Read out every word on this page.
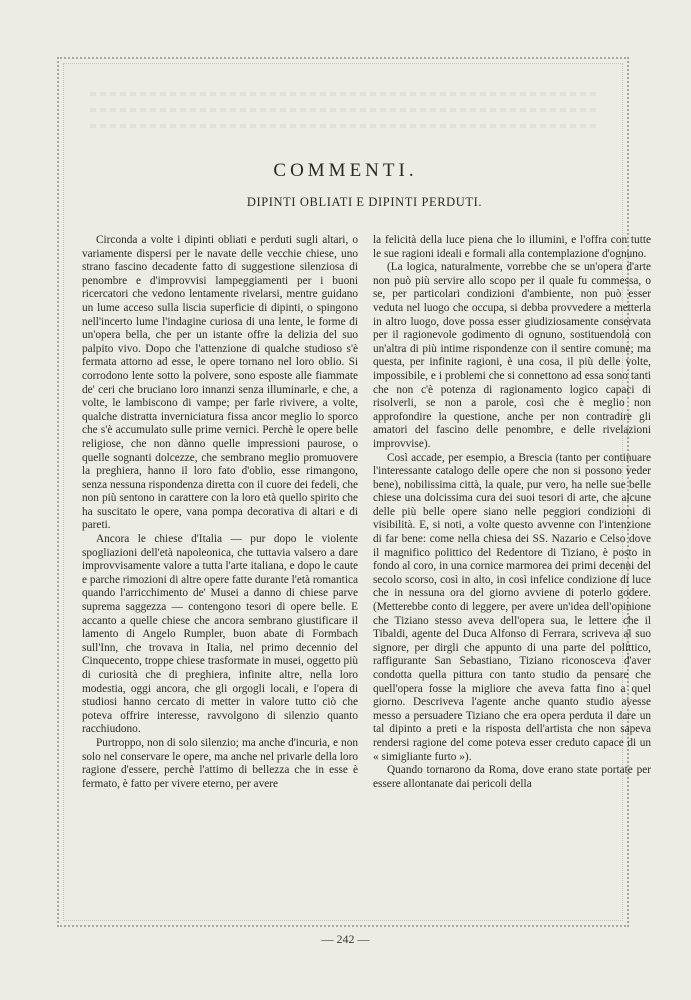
COMMENTI.
DIPINTI OBLIATI E DIPINTI PERDUTI.

Circonda a volte i dipinti obliati e perduti sugli altari, o variamente dispersi per le navate delle vecchie chiese, uno strano fascino decadente fatto di suggestione silenziosa di penombre e d'improvvisi lampeggiamenti per i buoni ricercatori che vedono lentamente rivelarsi, mentre guidano un lume acceso sulla liscia superficie di dipinti, o spingono nell'incerto lume l'indagine curiosa di una lente, le forme di un'opera bella, che per un istante offre la delizia del suo palpito vivo. Dopo che l'attenzione di qualche studioso s'è fermata attorno ad esse, le opere tornano nel loro oblio. Si corrodono lente sotto la polvere, sono esposte alle fiammate de' ceri che bruciano loro innanzi senza illuminarle, e che, a volte, le lambiscono di vampe; per farle rivivere, a volte, qualche distratta inverniciatura fissa ancor meglio lo sporco che s'è accumulato sulle prime vernici. Perchè le opere belle religiose, che non dànno quelle impressioni paurose, o quelle sognanti dolcezze, che sembrano meglio promuovere la preghiera, hanno il loro fato d'oblio, esse rimangono, senza nessuna rispondenza diretta con il cuore dei fedeli, che non più sentono in carattere con la loro età quello spirito che ha suscitato le opere, vana pompa decorativa di altari e di pareti.

Ancora le chiese d'Italia — pur dopo le violente spogliazioni dell'età napoleonica, che tuttavia valsero a dare improvvisamente valore a tutta l'arte italiana, e dopo le caute e parche rimozioni di altre opere fatte durante l'età romantica quando l'arricchimento de' Musei a danno di chiese parve suprema saggezza — contengono tesori di opere belle. E accanto a quelle chiese che ancora sembrano giustificare il lamento di Angelo Rumpler, buon abate di Formbach sull'Inn, che trovava in Italia, nel primo decennio del Cinquecento, troppe chiese trasformate in musei, oggetto più di curiosità che di preghiera, infinite altre, nella loro modestia, oggi ancora, che gli orgogli locali, e l'opera di studiosi hanno cercato di metter in valore tutto ciò che poteva offrire interesse, ravvolgono di silenzio quanto racchiudono.

Purtroppo, non di solo silenzio; ma anche d'incuria, e non solo nel conservare le opere, ma anche nel privarle della loro ragione d'essere, perchè l'attimo di bellezza che in esse è fermato, è fatto per vivere eterno, per avere

la felicità della luce piena che lo illumini, e l'offra con tutte le sue ragioni ideali e formali alla contemplazione d'ognuno.

(La logica, naturalmente, vorrebbe che se un'opera d'arte non può più servire allo scopo per il quale fu commessa, o se, per particolari condizioni d'ambiente, non può esser veduta nel luogo che occupa, si debba provvedere a metterla in altro luogo, dove possa esser giudiziosamente conservata per il ragionevole godimento di ognuno, sostituendola con un'altra di più intime rispondenze con il sentire comune; ma questa, per infinite ragioni, è una cosa, il più delle volte, impossibile, e i problemi che si connettono ad essa sono tanti che non c'è potenza di ragionamento logico capaci di risolverli, se non a parole, così che è meglio non approfondire la questione, anche per non contradire gli amatori del fascino delle penombre, e delle rivelazioni improvvise).

Così accade, per esempio, a Brescia (tanto per continuare l'interessante catalogo delle opere che non si possono veder bene), nobilissima città, la quale, pur vero, ha nelle sue belle chiese una dolcissima cura dei suoi tesori di arte, che alcune delle più belle opere siano nelle peggiori condizioni di visibilità. E, si noti, a volte questo avvenne con l'intenzione di far bene: come nella chiesa dei SS. Nazario e Celso dove il magnifico polittico del Redentore di Tiziano, è posto in fondo al coro, in una cornice marmorea dei primi decenni del secolo scorso, così in alto, in così infelice condizione di luce che in nessuna ora del giorno avviene di poterlo godere. (Metterebbe conto di leggere, per avere un'idea dell'opinione che Tiziano stesso aveva dell'opera sua, le lettere che il Tibaldi, agente del Duca Alfonso di Ferrara, scriveva al suo signore, per dirgli che appunto di una parte del polittico, raffigurante San Sebastiano, Tiziano riconosceva d'aver condotta quella pittura con tanto studio da pensare che quell'opera fosse la migliore che aveva fatta fino a quel giorno. Descriveva l'agente anche quanto studio avesse messo a persuadere Tiziano che era opera perduta il dare un tal dipinto a preti e la risposta dell'artista che non sapeva rendersi ragione del come poteva esser creduto capace di un « simigliante furto »).

Quando tornarono da Roma, dove erano state portate per essere allontanate dai pericoli della

— 242 —
